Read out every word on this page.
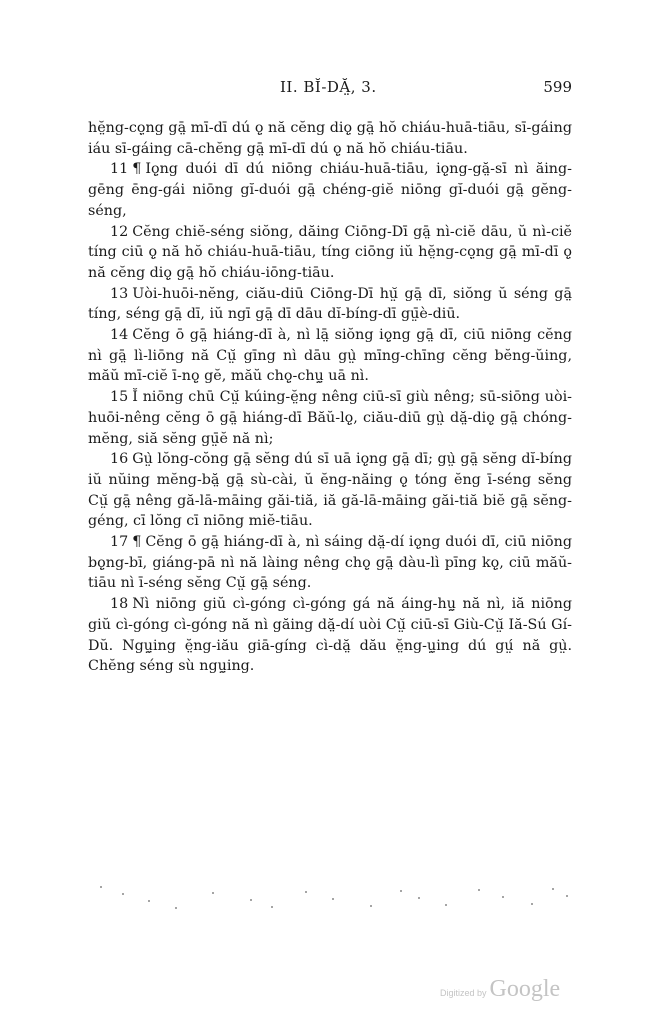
II. BĬ-DĂ̤, 3.	599

hĕ̤ng-cọ̤ng gā̤ mī-dī dú ǫ̤ nă cĕng diǫ̤ gā̤ hŏ chiáu-huā-tiāu, sī-gáing iáu sī-gáing cā-chĕng gā̤ mī-dī dú ǫ̤ nă hŏ chiáu-tiāu.

11 ¶ Iǫ̤ng duói dī dú niōng chiáu-huā-tiāu, iǫ̤ng-gă̤-sī nì ăing-gēng ēng-gái niōng gĭ-duói gā̤ chéng-giĕ niōng gĭ-duói gā̤ gĕng-séng,

12 Cĕng chiĕ-séng siŏng, dăing Ciōng-Dī gā̤ nì-ciĕ dāu, ŭ nì-ciĕ tíng ciū ǫ̤ nă hŏ chiáu-huā-tiāu, tíng ciōng iŭ hĕ̤ng-cọ̤ng gā̤ mī-dī ǫ̤ nă cĕng diǫ̤ gā̤ hŏ chiáu-iōng-tiāu.

13 Uòi-huōi-nĕng, ciău-diū Ciōng-Dī hṳ̆ gā̤ dī, siŏng ŭ séng gā̤ tíng, séng gā̤ dī, iŭ ngī gā̤ dī dāu dĭ-bíng-dī gṳ̄è-diū.

14 Cĕng ō gā̤ hiáng-dī à, nì lā̤ siŏng iǫ̤ng gā̤ dī, ciū niōng cĕng nì gā̤ lì-liōng nă Cṳ̆ gīng nì dāu gṳ̀ mīng-chīng cĕng bĕng-ŭing, măŭ mī-ciĕ ī-nǫ̤ gĕ, măŭ chǫ̤-chṳ̤ uā nì.

15 Ĭ niōng chū Cṳ̆ kúing-ĕ̤ng nêng ciū-sī giù nêng; sū-siōng uòi-huōi-nêng cĕng ō gā̤ hiáng-dī Băŭ-lǫ̤, ciău-diū gṳ̀ dă̤-diǫ̤ gā̤ chóng-mĕng, siă sĕng gṳ̄ĕ nă nì;

16 Gṳ̀ lŏng-cŏng gā̤ sĕng dú sī uā iǫ̤ng gā̤ dī; gṳ̀ gā̤ sĕng dĭ-bíng iŭ nŭing mĕng-bă̤ gā̤ sù-cài, ŭ ĕng-năing ǫ̤ tóng ĕng ī-séng sĕng Cṳ̆ gā̤ nêng gă-lā-māing găi-tiă, iă gă-lā-māing găi-tiă biĕ gā̤ sĕng-géng, cī lŏng cī niōng miĕ-tiāu.

17 ¶ Cĕng ō gā̤ hiáng-dī à, nì sáing dă̤-dí iǫ̤ng duói dī, ciū niōng bǫ̤ng-bī, giáng-pā nì nă làing nêng chǫ̤ gā̤ dàu-lì pīng kǫ̤, ciū măŭ-tiāu nì ī-séng sĕng Cṳ̆ gā̤ séng.

18 Nì niōng giŭ cì-góng cì-góng gá nă áing-hṳ̤ nă nì, iă niōng giŭ cì-góng cì-góng nă nì găing dă̤-dí uòi Cṳ̆ ciū-sī Giù-Cṳ̆ Iă-Sú Gí-Dŭ. Ngṳ̤ing ĕ̤ng-iău giā-gíng cì-dă̤ dău ĕ̤ng-ṳ̤ing dú gṳ́ nă gṳ̀. Chĕng séng sù ngṳ̤ing.

Digitized by Google
